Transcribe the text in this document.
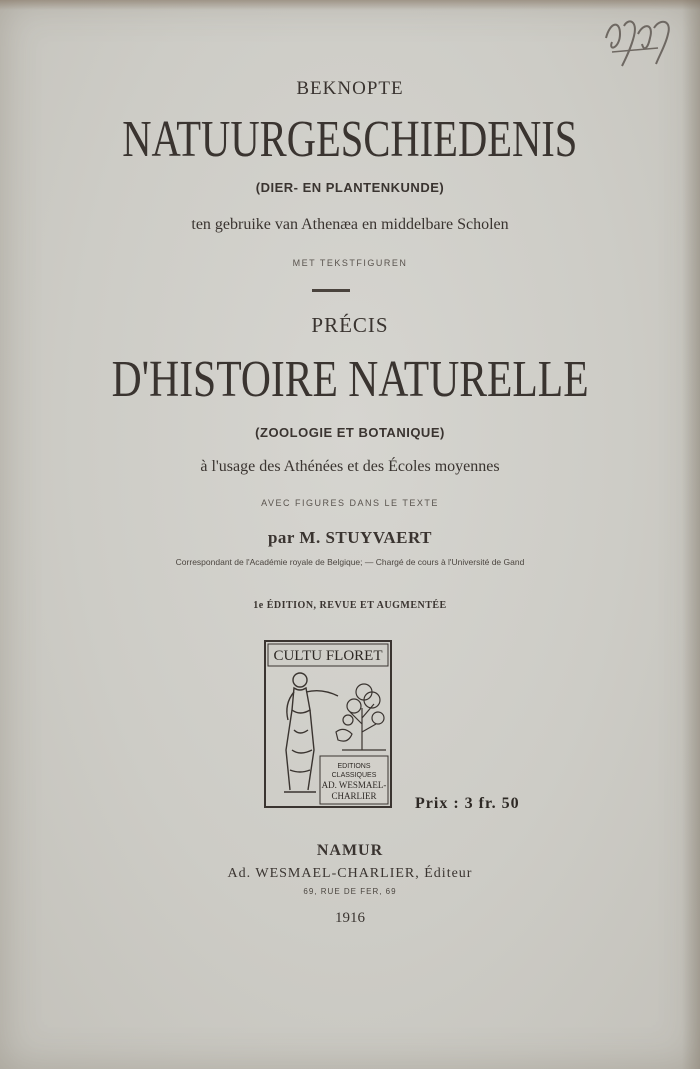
BEKNOPTE
NATUURGESCHIEDENIS
(DIER- EN PLANTENKUNDE)
ten gebruike van Athenæa en middelbare Scholen
MET TEKSTFIGUREN
PRÉCIS
D'HISTOIRE NATURELLE
(ZOOLOGIE ET BOTANIQUE)
à l'usage des Athénées et des Écoles moyennes
AVEC FIGURES DANS LE TEXTE
par M. STUYVAERT
Correspondant de l'Académie royale de Belgique; — Chargé de cours à l'Université de Gand
1e ÉDITION, REVUE ET AUGMENTÉE
CULTU FLORET
EDITIONS
CLASSIQUES
AD. WESMAEL-
CHARLIER Prix : 3 fr. 50
NAMUR
Ad. WESMAEL-CHARLIER, Éditeur
69, RUE DE FER, 69
1916
